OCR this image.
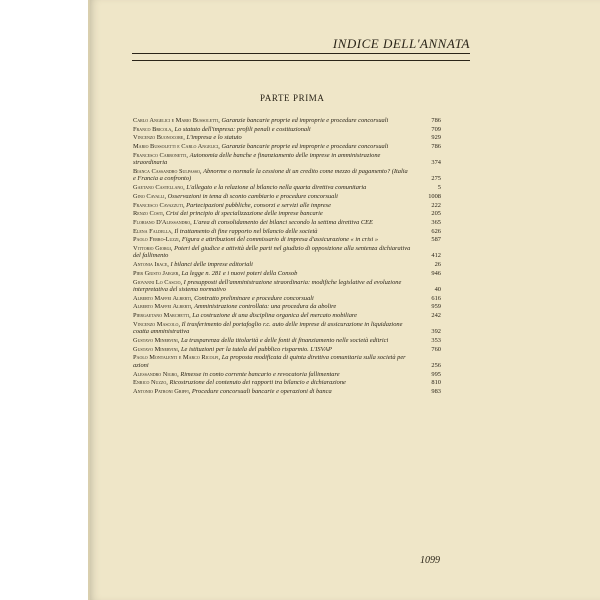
INDICE DELL'ANNATA
PARTE PRIMA
Carlo Angelici e Mario Bussoletti, Garanzie bancarie proprie ed improprie e procedure concorsuali	786
Franco Bricola, Lo statuto dell'impresa: profili penali e costituzionali	709
Vincenzo Buonocore, L'impresa e lo statuto	929
Mario Bussoletti e Carlo Angelici, Garanzie bancarie proprie ed improprie e procedure concorsuali	786
Francesco Carbonetti, Autonomia delle banche e finanziamento delle imprese in amministrazione straordinaria	374
Bianca Cassandro Sulpasso, Abnorme o normale la cessione di un credito come mezzo di pagamento? (Italia e Francia a confronto)	275
Gaetano Castellano, L'allegato e la relazione al bilancio nella quarta direttiva comunitaria	5
Gino Cavalli, Osservazioni in tema di sconto cambiario e procedure concorsuali	1008
Francesco Cavazzuti, Partecipazioni pubbliche, consorzi e servizi alle imprese	222
Renzo Costi, Crisi dei principio di specializzazione delle imprese bancarie	205
Floriano D'Alessandro, L'area di consolidamento dei bilanci secondo la settima direttiva CEE	365
Elena Faldella, Il trattamento di fine rapporto nel bilancio delle società	626
Paolo Ferro-Luzzi, Figura e attribuzioni del commissario di impresa d'assicurazione « in crisi »	587
Vittorio Giorgi, Poteri del giudice e attività delle parti nel giudizio di opposizione alla sentenza dichiarativa del fallimento	412
Antonia Irace, I bilanci delle imprese editoriali	26
Pier Giusto Jaeger, La legge n. 281 e i nuovi poteri della Consob	946
Giovanni Lo Cascio, I presupposti dell'amministrazione straordinaria: modifiche legislative ed evoluzione interpretativa del sistema normativo	40
Alberto Maffei Alberti, Contratto preliminare e procedure concorsuali	616
Alberto Maffei Alberti, Amministrazione controllata: una procedura da abolire	959
Piergaetano Marchetti, La costruzione di una disciplina organica del mercato mobiliare	242
Vincenzo Mascolo, Il trasferimento del portafoglio r.c. auto delle imprese di assicurazione in liquidazione coatta amministrativa	392
Gustavo Minervini, La trasparenza della titolarità e delle fonti di finanziamento nelle società editrici	353
Gustavo Minervini, Le istituzioni per la tutela del pubblico risparmio. L'ISVAP	760
Paolo Montalenti e Marco Ricolfi, La proposta modificata di quinta direttiva comunitaria sulla società per azioni	256
Alessandro Nigro, Rimesse in conto corrente bancario e revocatoria fallimentare	995
Enrico Nuzzo, Ricostruzione del contenuto dei rapporti tra bilancio e dichiarazione	810
Antonio Patroni Griffi, Procedure concorsuali bancarie e operazioni di banca	983
1099
